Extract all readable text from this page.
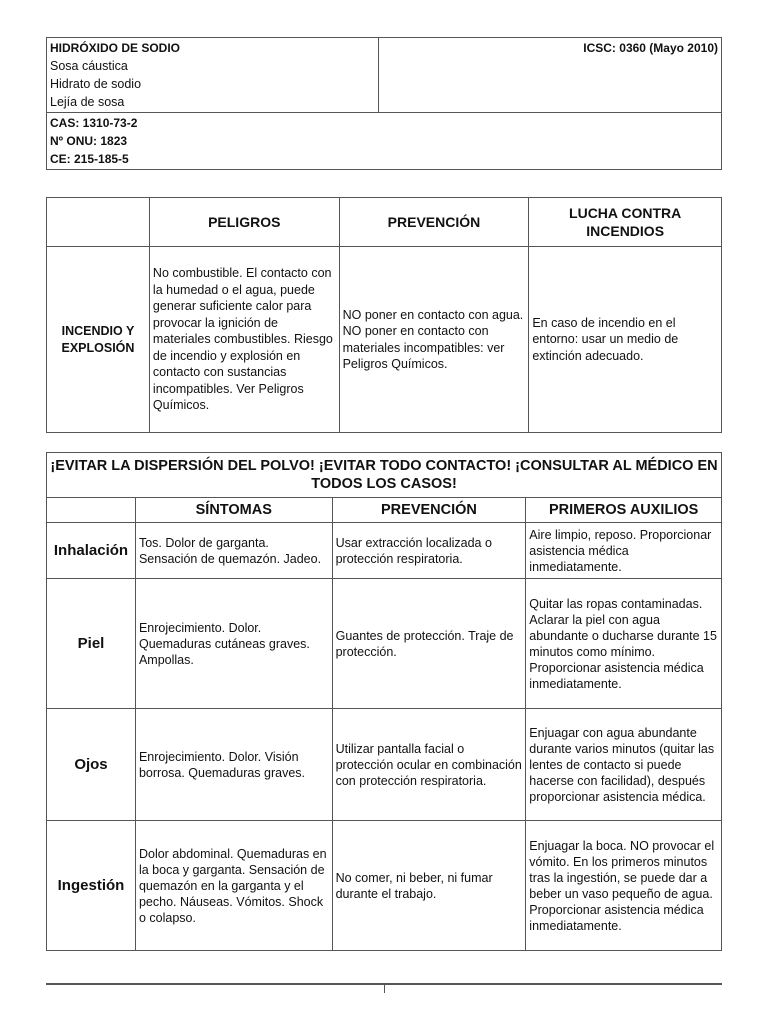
HIDRÓXIDO DE SODIO
Sosa cáustica
Hidrato de sodio
Lejía de sosa
	ICSC: 0360 (Mayo 2010)

CAS: 1310-73-2
Nº ONU: 1823
CE: 215-185-5
	PELIGROS	PREVENCIÓN	LUCHA CONTRA INCENDIOS
INCENDIO Y EXPLOSIÓN	No combustible. El contacto con la humedad o el agua, puede generar suficiente calor para provocar la ignición de materiales combustibles. Riesgo de incendio y explosión en contacto con sustancias incompatibles. Ver Peligros Químicos.	NO poner en contacto con agua. NO poner en contacto con materiales incompatibles: ver Peligros Químicos.	En caso de incendio en el entorno: usar un medio de extinción adecuado.
¡EVITAR LA DISPERSIÓN DEL POLVO! ¡EVITAR TODO CONTACTO! ¡CONSULTAR AL MÉDICO EN TODOS LOS CASOS!			
	SÍNTOMAS	PREVENCIÓN	PRIMEROS AUXILIOS
Inhalación	Tos. Dolor de garganta. Sensación de quemazón. Jadeo.	Usar extracción localizada o protección respiratoria.	Aire limpio, reposo. Proporcionar asistencia médica inmediatamente.
Piel	Enrojecimiento. Dolor. Quemaduras cutáneas graves. Ampollas.	Guantes de protección. Traje de protección.	Quitar las ropas contaminadas. Aclarar la piel con agua abundante o ducharse durante 15 minutos como mínimo. Proporcionar asistencia médica inmediatamente.
Ojos	Enrojecimiento. Dolor. Visión borrosa. Quemaduras graves.	Utilizar pantalla facial o protección ocular en combinación con protección respiratoria.	Enjuagar con agua abundante durante varios minutos (quitar las lentes de contacto si puede hacerse con facilidad), después proporcionar asistencia médica.
Ingestión	Dolor abdominal. Quemaduras en la boca y garganta. Sensación de quemazón en la garganta y el pecho. Náuseas. Vómitos. Shock o colapso.	No comer, ni beber, ni fumar durante el trabajo.	Enjuagar la boca. NO provocar el vómito. En los primeros minutos tras la ingestión, se puede dar a beber un vaso pequeño de agua. Proporcionar asistencia médica inmediatamente.
